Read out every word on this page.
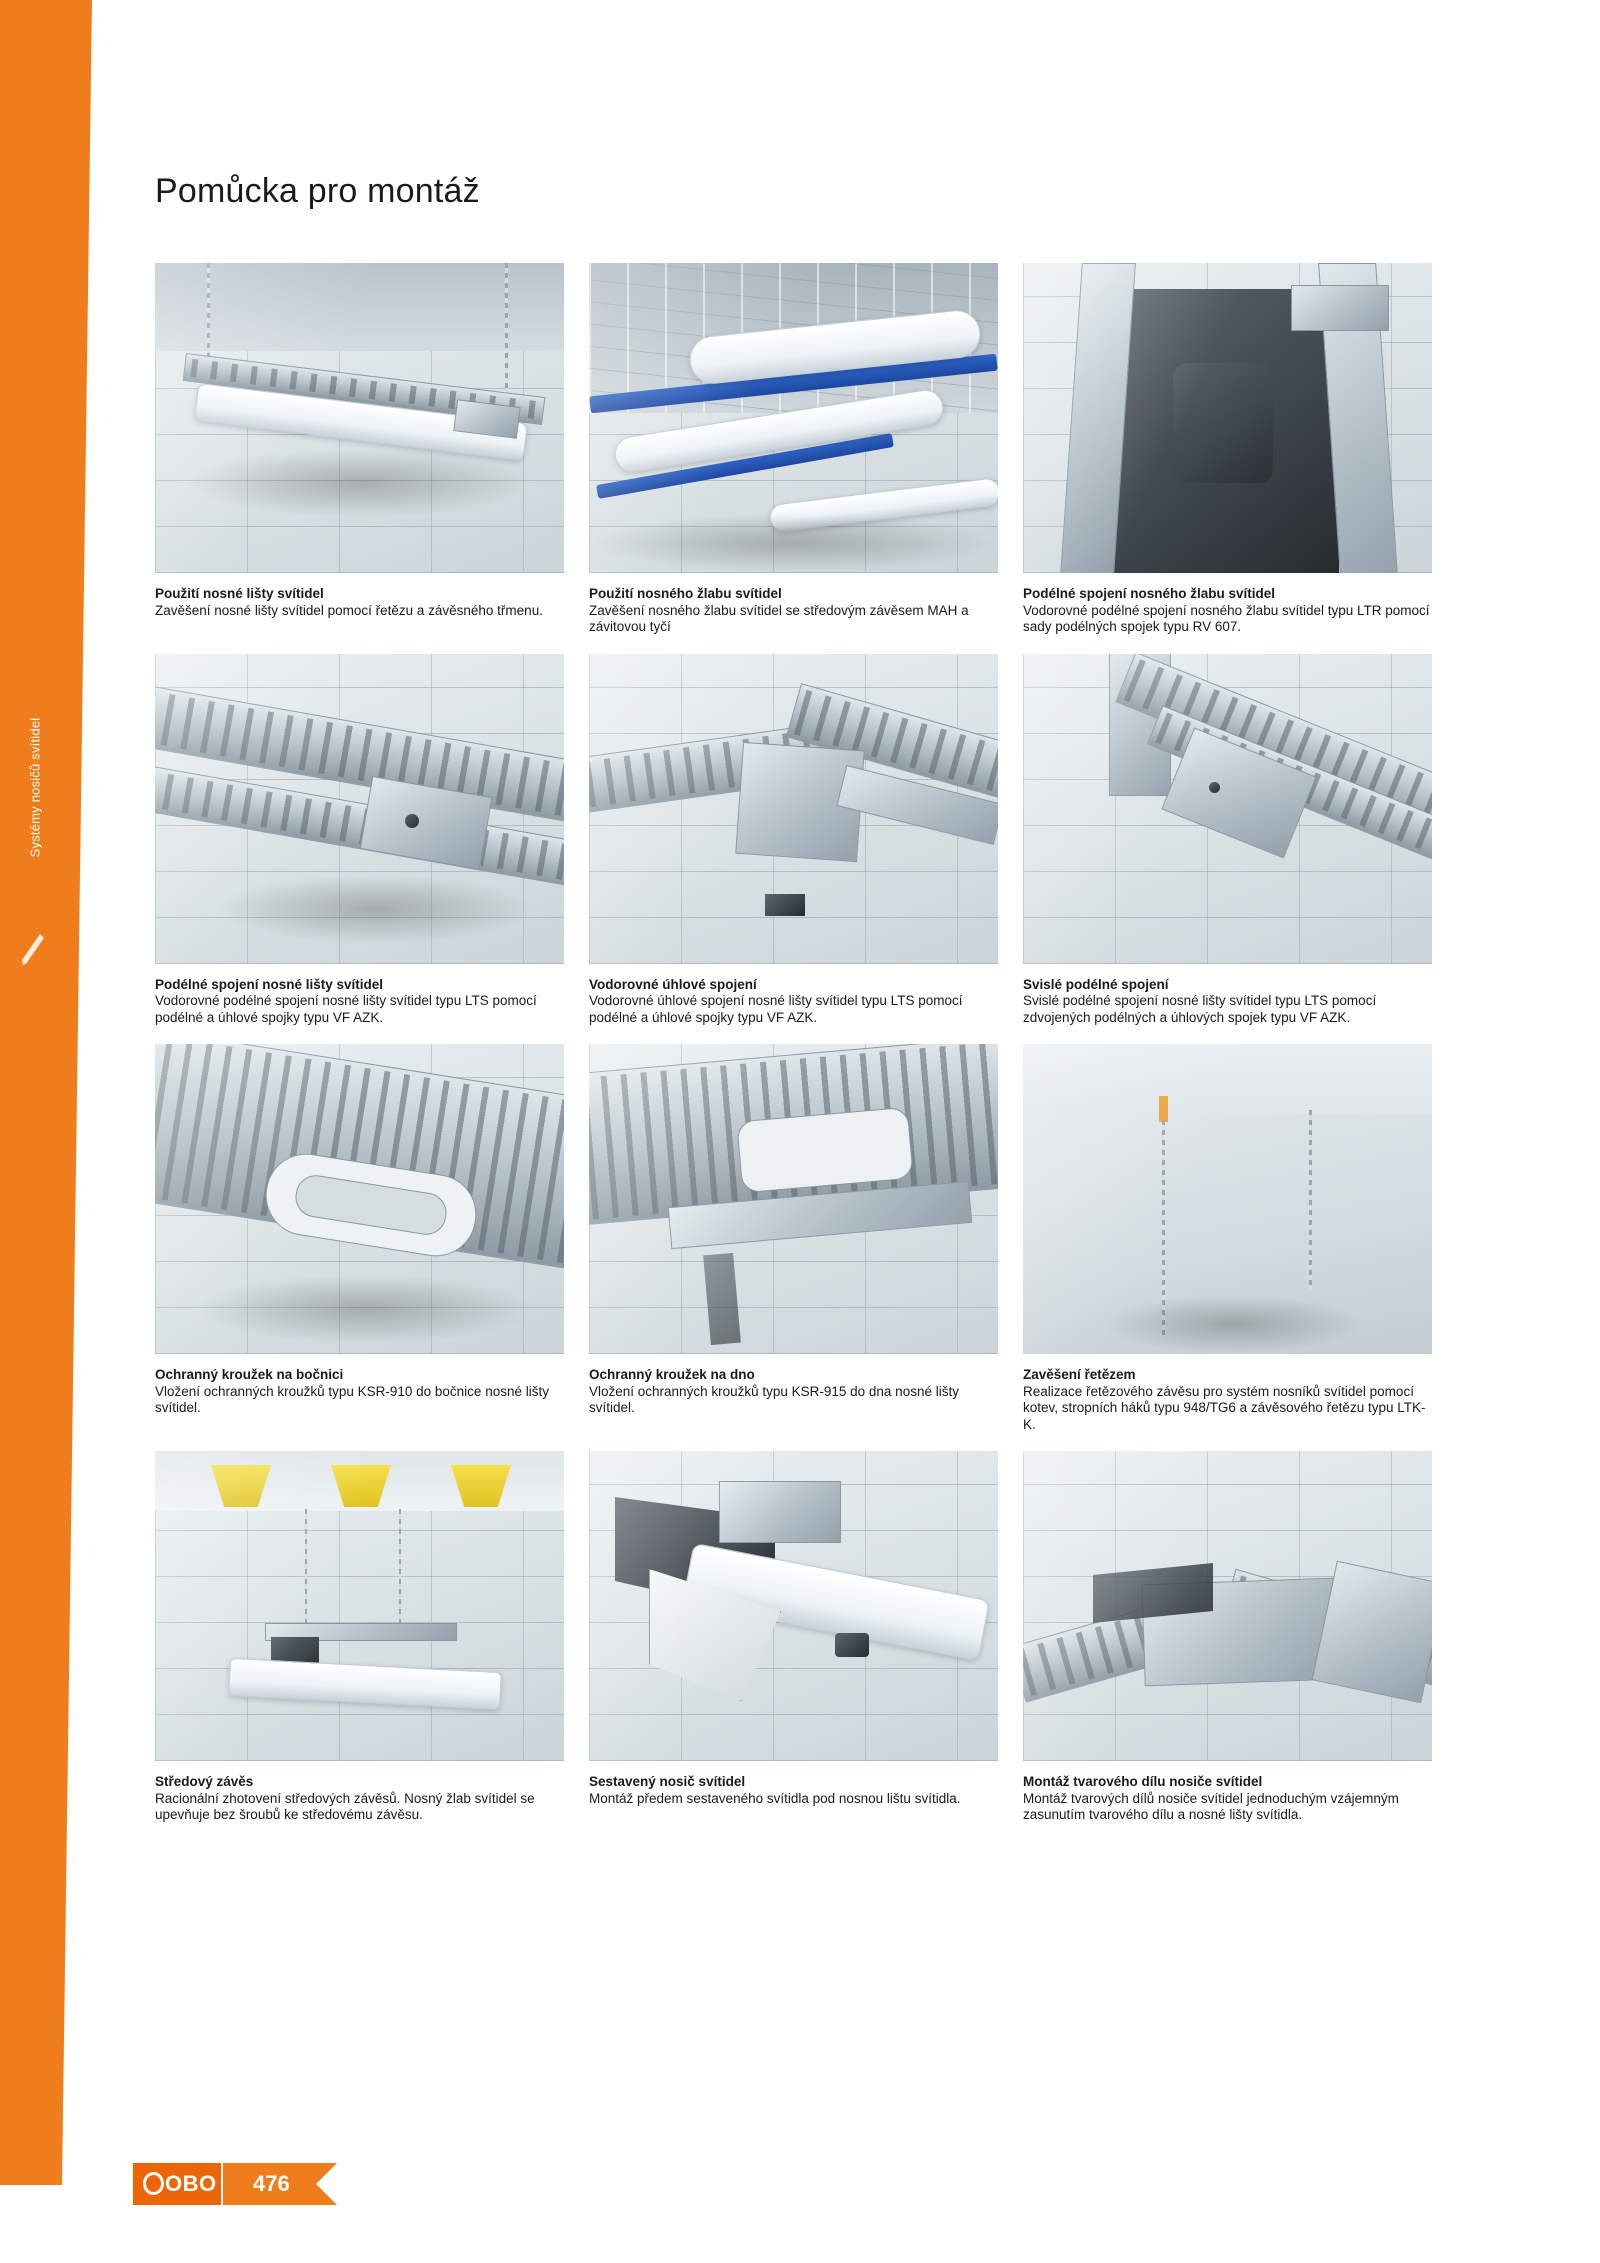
Systémy nosičů svítidel
Pomůcka pro montáž
Použití nosné lišty svítidel
Zavěšení nosné lišty svítidel pomocí řetězu a závěsného třmenu.
Použití nosného žlabu svítidel
Zavěšení nosného žlabu svítidel se středovým závěsem MAH a závitovou tyčí
Podélné spojení nosného žlabu svítidel
Vodorovné podélné spojení nosného žlabu svítidel typu LTR pomocí sady podélných spojek typu RV 607.
Podélné spojení nosné lišty svítidel
Vodorovné podélné spojení nosné lišty svítidel typu LTS pomocí podélné a úhlové spojky typu VF AZK.
Vodorovné úhlové spojení
Vodorovné úhlové spojení nosné lišty svítidel typu LTS pomocí podélné a úhlové spojky typu VF AZK.
Svislé podélné spojení
Svislé podélné spojení nosné lišty svítidel typu LTS pomocí zdvojených podélných a úhlových spojek typu VF AZK.
Ochranný kroužek na bočnici
Vložení ochranných kroužků typu KSR-910 do bočnice nosné lišty svítidel.
Ochranný kroužek na dno
Vložení ochranných kroužků typu KSR-915 do dna nosné lišty svítidel.
Zavěšení řetězem
Realizace řetězového závěsu pro systém nosníků svítidel pomocí kotev, stropních háků typu 948/TG6 a závěsového řetězu typu LTK-K.
Středový závěs
Racionální zhotovení středových závěsů. Nosný žlab svítidel se upevňuje bez šroubů ke středovému závěsu.
Sestavený nosič svítidel
Montáž předem sestaveného svítidla pod nosnou lištu svítidla.
Montáž tvarového dílu nosiče svítidel
Montáž tvarových dílů nosiče svítidel jednoduchým vzájemným zasunutím tvarového dílu a nosné lišty svítidla.
OBO	476
